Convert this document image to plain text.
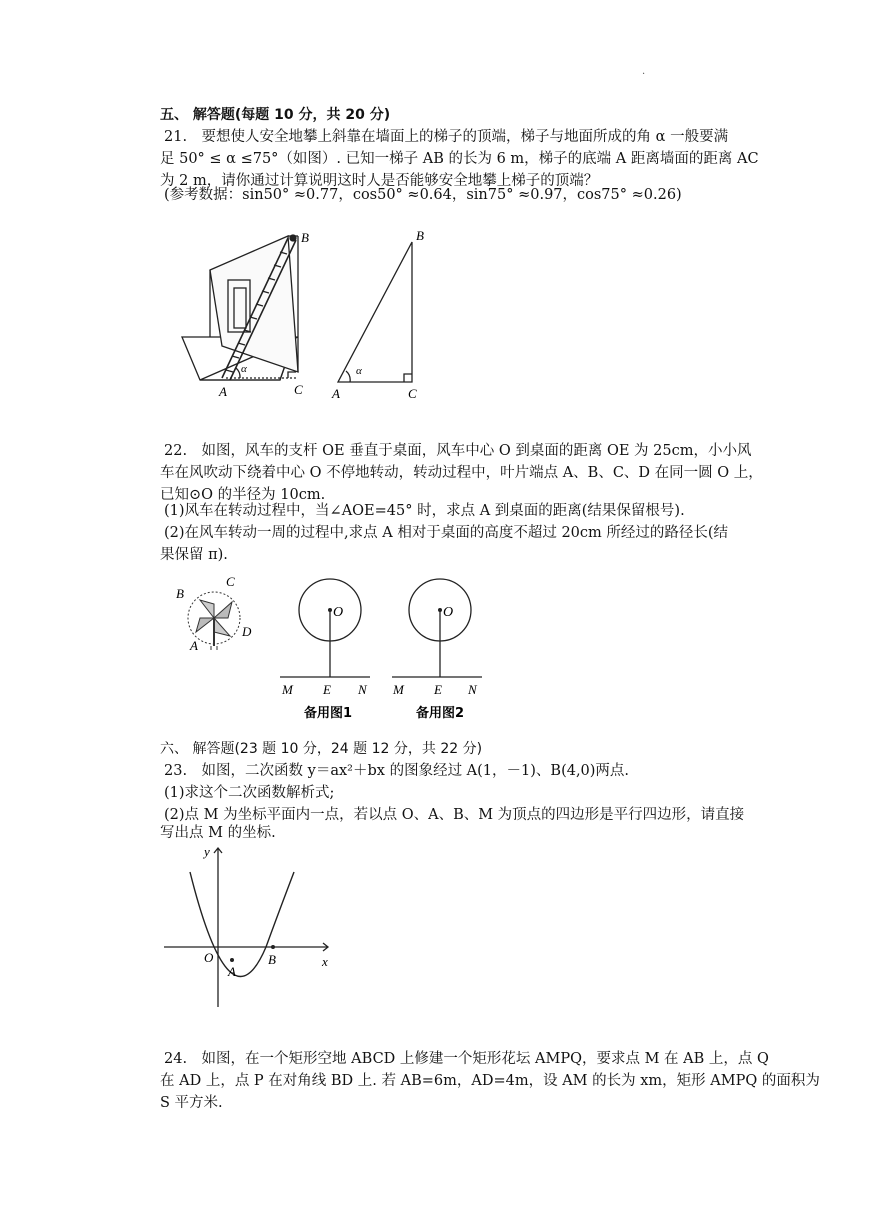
.
五、 解答题(每题 10 分，共 20 分)
21.　要想使人安全地攀上斜靠在墙面上的梯子的顶端，梯子与地面所成的角 α 一般要满
足 50° ≤ α ≤75°（如图）. 已知一梯子 AB 的长为 6 m，梯子的底端 A 距离墙面的距离 AC
为 2 m，请你通过计算说明这时人是否能够安全地攀上梯子的顶端？
(参考数据：sin50° ≈0.77，cos50° ≈0.64，sin75° ≈0.97，cos75° ≈0.26)
B
A	C
α
B
A	C
α
22.　如图，风车的支杆 OE 垂直于桌面，风车中心 O 到桌面的距离 OE 为 25cm，小小风
车在风吹动下绕着中心 O 不停地转动，转动过程中，叶片端点 A、B、C、D 在同一圆 O 上，
已知⊙O 的半径为 10cm.
(1)风车在转动过程中，当∠AOE=45° 时，求点 A 到桌面的距离(结果保留根号).
(2)在风车转动一周的过程中,求点 A 相对于桌面的高度不超过 20cm 所经过的路径长(结
果保留 π).
B
C
D
A
O
M E N
备用图1
O
M E N
备用图2
六、 解答题(23 题 10 分，24 题 12 分，共 22 分)
23.　如图，二次函数 y＝ax²＋bx 的图象经过 A(1，－1)、B(4,0)两点.
(1)求这个二次函数解析式;
(2)点 M 为坐标平面内一点，若以点 O、A、B、M 为顶点的四边形是平行四边形，请直接
写出点 M 的坐标.
y
x
O
A
B
24.　如图，在一个矩形空地 ABCD 上修建一个矩形花坛 AMPQ，要求点 M 在 AB 上，点 Q
在 AD 上，点 P 在对角线 BD 上. 若 AB=6m，AD=4m，设 AM 的长为 xm，矩形 AMPQ 的面积为
S 平方米.
